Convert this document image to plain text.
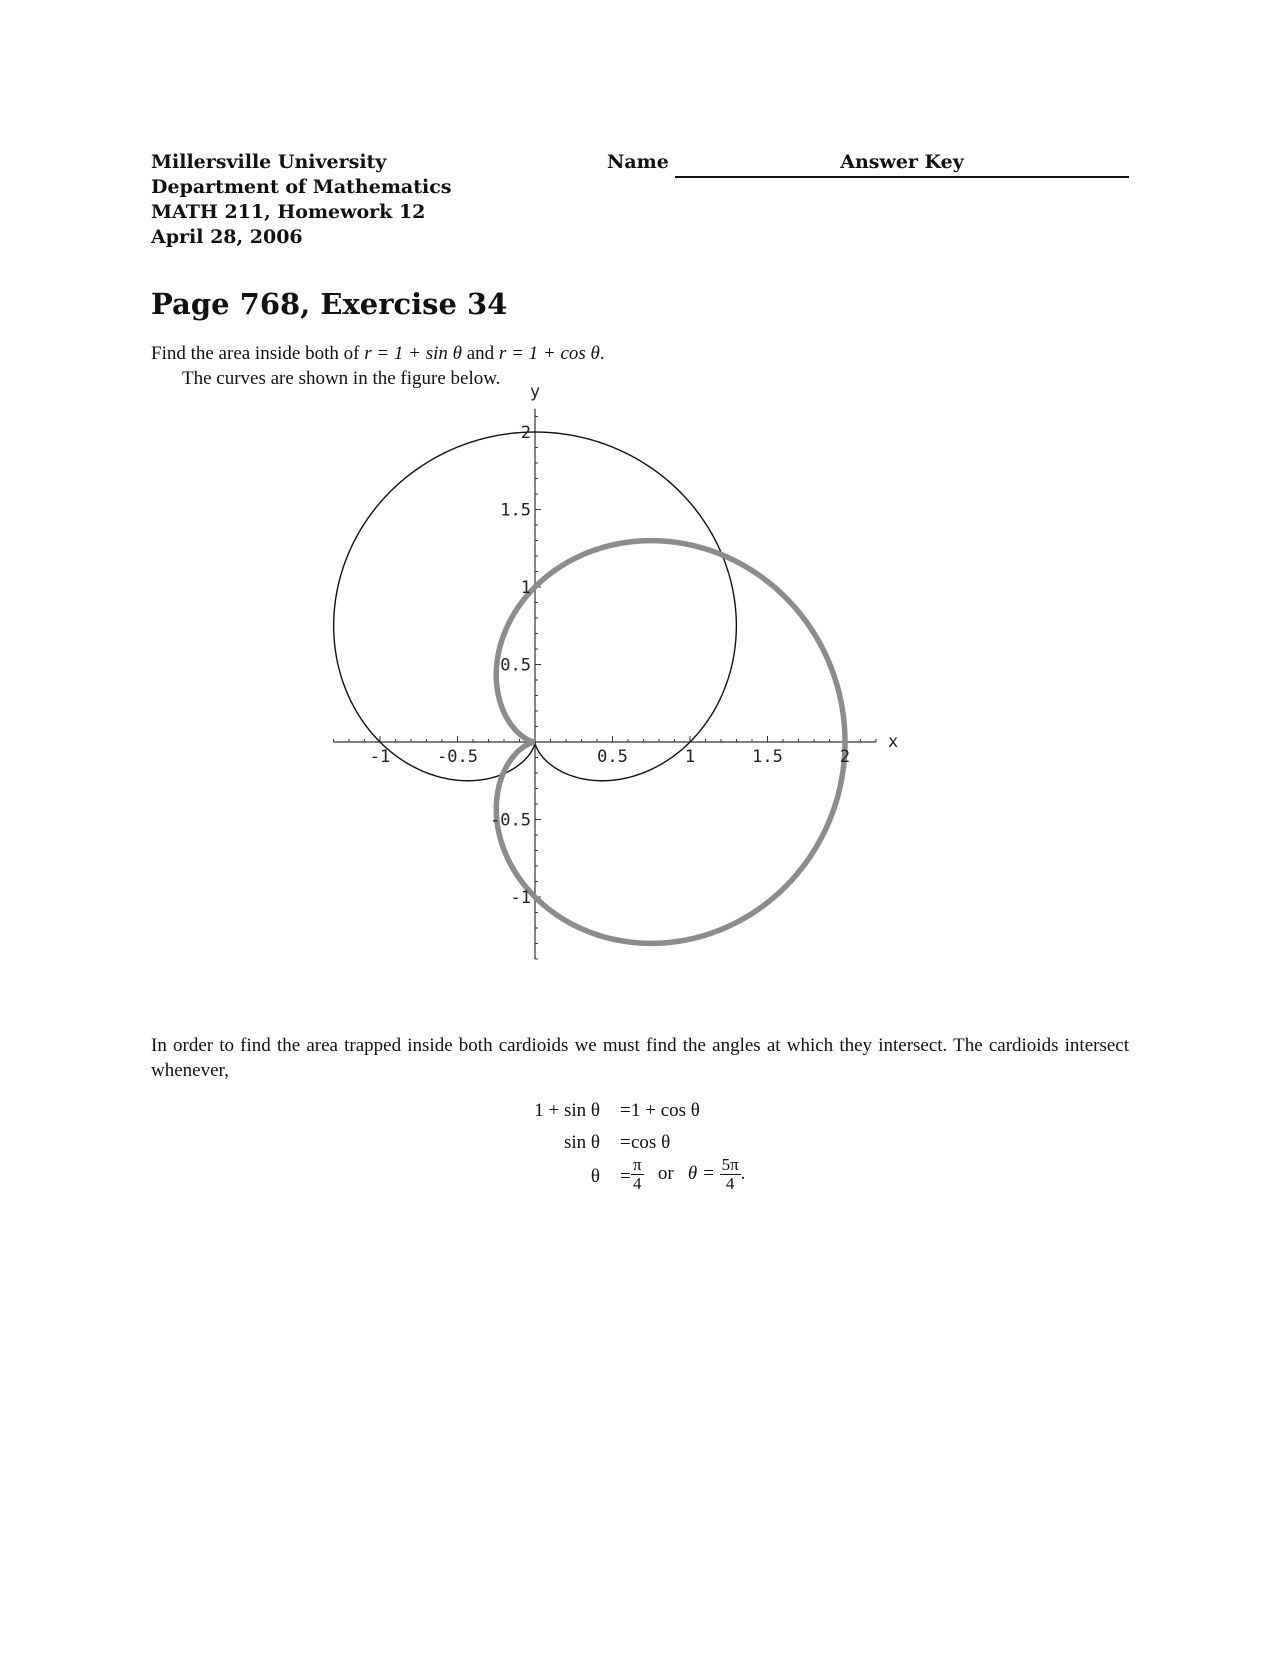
Millersville University
Department of Mathematics
MATH 211, Homework 12
April 28, 2006
Name	Answer Key
Page 768, Exercise 34
Find the area inside both of r = 1 + sin θ and r = 1 + cos θ.
The curves are shown in the figure below.
x
y
-1	-0.5	0.5	1	1.5	2
2
1.5
1
0.5
-0.5
-1
In order to find the area trapped inside both cardioids we must find the angles at which they intersect. The cardioids intersect whenever,
1 + sin θ = 1 + cos θ
sin θ = cos θ
$\theta = \frac{\pi}{4}$ or $\theta = \frac{5\pi}{4}$ .
